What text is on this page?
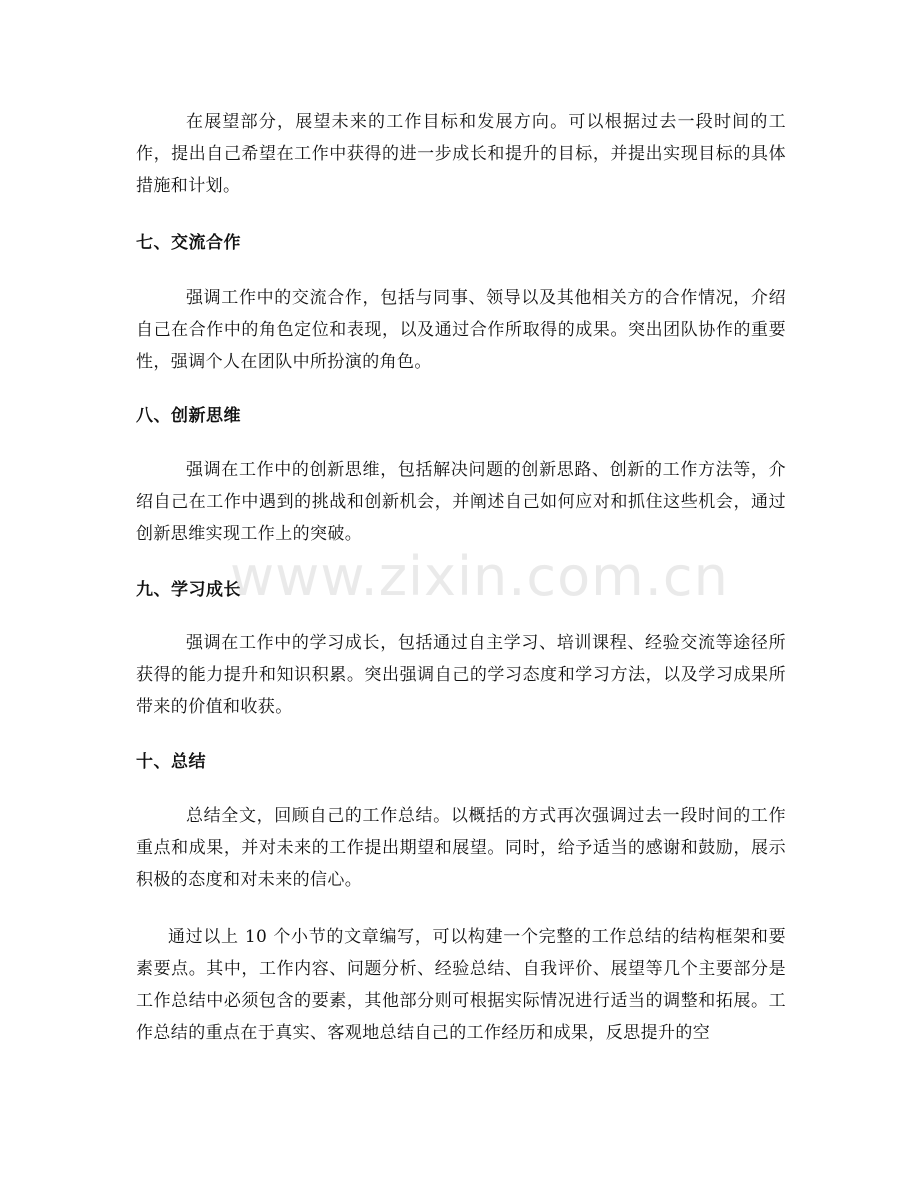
在展望部分，展望未来的工作目标和发展方向。可以根据过去一段时间的工作，提出自己希望在工作中获得的进一步成长和提升的目标，并提出实现目标的具体措施和计划。

七、交流合作

强调工作中的交流合作，包括与同事、领导以及其他相关方的合作情况，介绍自己在合作中的角色定位和表现，以及通过合作所取得的成果。突出团队协作的重要性，强调个人在团队中所扮演的角色。

八、创新思维

强调在工作中的创新思维，包括解决问题的创新思路、创新的工作方法等，介绍自己在工作中遇到的挑战和创新机会，并阐述自己如何应对和抓住这些机会，通过创新思维实现工作上的突破。

九、学习成长

强调在工作中的学习成长，包括通过自主学习、培训课程、经验交流等途径所获得的能力提升和知识积累。突出强调自己的学习态度和学习方法，以及学习成果所带来的价值和收获。

十、总结

总结全文，回顾自己的工作总结。以概括的方式再次强调过去一段时间的工作重点和成果，并对未来的工作提出期望和展望。同时，给予适当的感谢和鼓励，展示积极的态度和对未来的信心。

通过以上 10 个小节的文章编写，可以构建一个完整的工作总结的结构框架和要素要点。其中，工作内容、问题分析、经验总结、自我评价、展望等几个主要部分是工作总结中必须包含的要素，其他部分则可根据实际情况进行适当的调整和拓展。工作总结的重点在于真实、客观地总结自己的工作经历和成果，反思提升的空

www.zixin.com.cn
